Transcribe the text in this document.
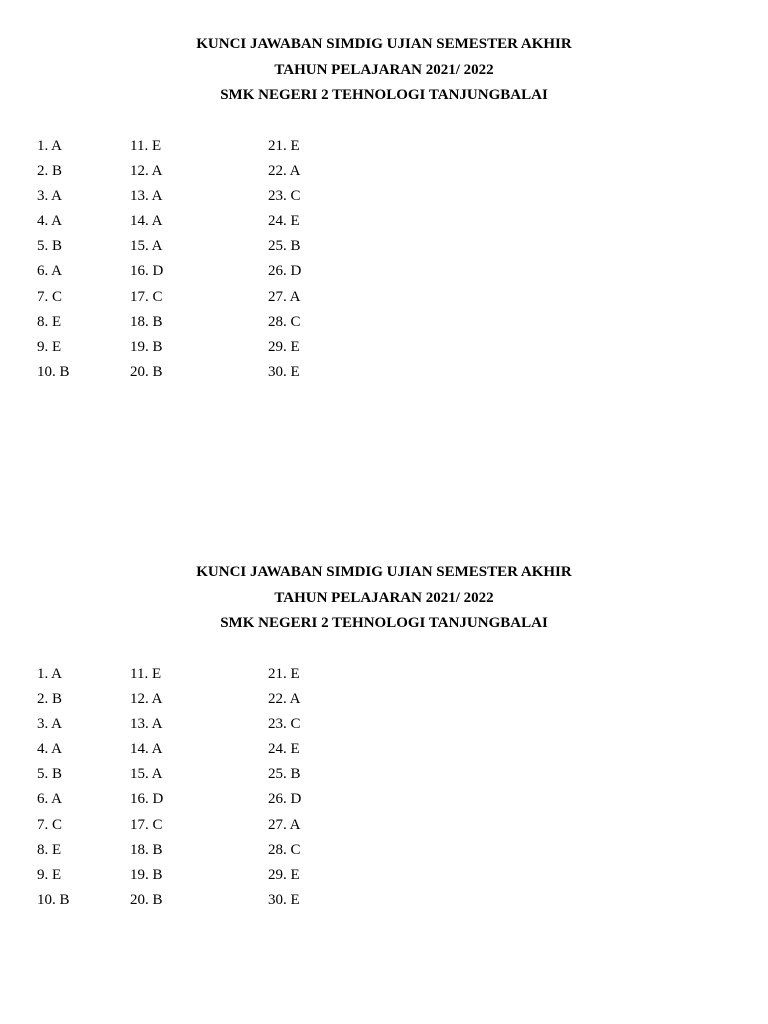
KUNCI JAWABAN SIMDIG UJIAN SEMESTER AKHIR

TAHUN PELAJARAN 2021/ 2022

SMK NEGERI 2 TEHNOLOGI TANJUNGBALAI

1. A
2. B
3. A
4. A
5. B
6. A
7. C
8. E
9. E
10. B
11. E
12. A
13. A
14. A
15. A
16. D
17. C
18. B
19. B
20. B
21. E
22. A
23. C
24. E
25. B
26. D
27. A
28. C
29. E
30. E

KUNCI JAWABAN SIMDIG UJIAN SEMESTER AKHIR

TAHUN PELAJARAN 2021/ 2022

SMK NEGERI 2 TEHNOLOGI TANJUNGBALAI

1. A
2. B
3. A
4. A
5. B
6. A
7. C
8. E
9. E
10. B
11. E
12. A
13. A
14. A
15. A
16. D
17. C
18. B
19. B
20. B
21. E
22. A
23. C
24. E
25. B
26. D
27. A
28. C
29. E
30. E
